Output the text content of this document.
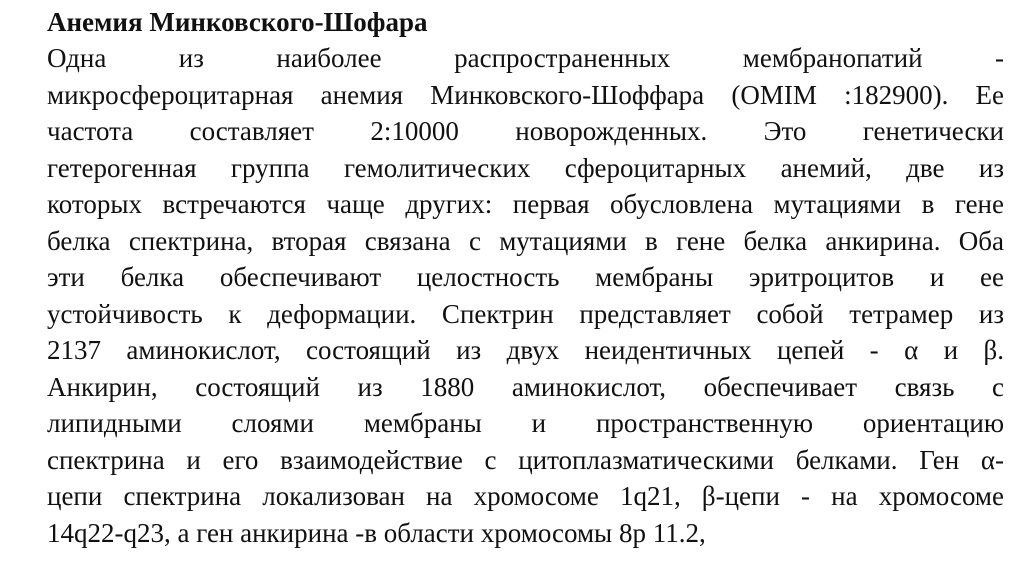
Анемия Минковского-Шофара
Одна из наиболее распространенных мембранопатий -
микросфероцитарная анемия Минковского-Шоффара (OMIM :182900). Ее
частота составляет 2:10000 новорожденных. Это генетически
гетерогенная группа гемолитических сфероцитарных анемий, две из
которых встречаются чаще других: первая обусловлена мутациями в гене
белка спектрина, вторая связана с мутациями в гене белка анкирина. Оба
эти белка обеспечивают целостность мембраны эритроцитов и ее
устойчивость к деформации. Спектрин представляет собой тетрамер из
2137 аминокислот, состоящий из двух неидентичных цепей - α и β.
Анкирин, состоящий из 1880 аминокислот, обеспечивает связь с
липидными слоями мембраны и пространственную ориентацию
спектрина и его взаимодействие с цитоплазматическими белками. Ген α-
цепи спектрина локализован на хромосоме 1q21, β-цепи - на хромосоме
14q22-q23, а ген анкирина -в области хромосомы 8р 11.2,
